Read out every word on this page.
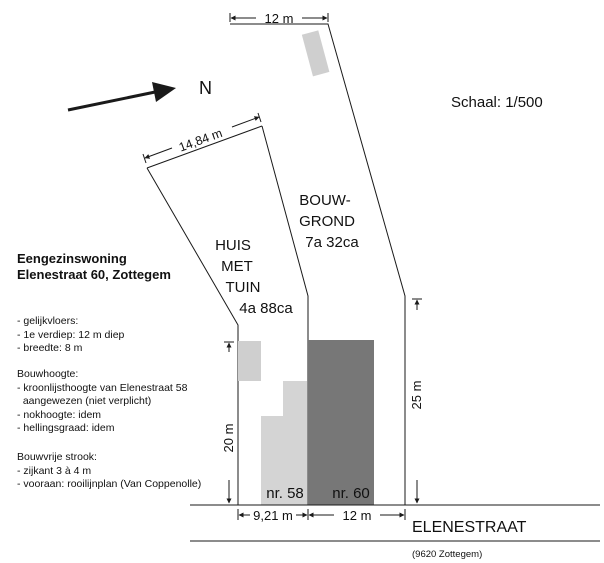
N
Schaal: 1/500
12 m
14,84 m
20 m
25 m
9,21 m	12 m
BOUW-
GROND
7a 32ca
HUIS
MET
TUIN
4a 88ca
nr. 58 nr. 60
ELENESTRAAT
(9620 Zottegem)
Eengezinswoning
Elenestraat 60, Zottegem
- gelijkvloers:
- 1e verdiep: 12 m diep
- breedte: 8 m
Bouwhoogte:
- kroonlijsthoogte van Elenestraat 58
aangewezen (niet verplicht)
- nokhoogte: idem
- hellingsgraad: idem
Bouwvrije strook:
- zijkant 3 à 4 m
- vooraan: rooilijnplan (Van Coppenolle)
